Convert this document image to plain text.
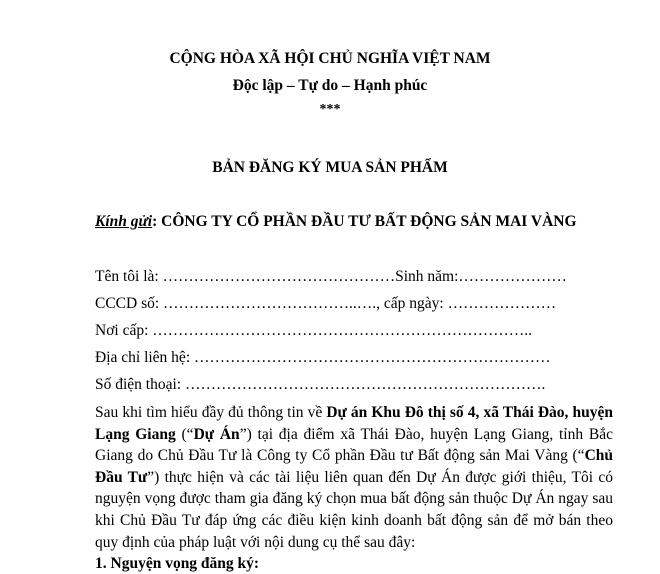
CỘNG HÒA XÃ HỘI CHỦ NGHĨA VIỆT NAM
Độc lập – Tự do – Hạnh phúc
***
BẢN ĐĂNG KÝ MUA SẢN PHẨM
Kính gửi: CÔNG TY CỔ PHẦN ĐẦU TƯ BẤT ĐỘNG SẢN MAI VÀNG
Tên tôi là: ………………………………………Sinh năm:…………………
CCCD số: ………………………………..…., cấp ngày: …………………
Nơi cấp: ………………………………………………………………..
Địa chỉ liên hệ: ……………………………………………………………
Số điện thoại: …………………………………………………………….
Sau khi tìm hiểu đầy đủ thông tin về Dự án Khu Đô thị số 4, xã Thái Đào, huyện Lạng Giang (“Dự Án”) tại địa điểm xã Thái Đào, huyện Lạng Giang, tỉnh Bắc Giang do Chủ Đầu Tư là Công ty Cổ phần Đầu tư Bất động sản Mai Vàng (“Chủ Đầu Tư”) thực hiện và các tài liệu liên quan đến Dự Án được giới thiệu, Tôi có nguyện vọng được tham gia đăng ký chọn mua bất động sản thuộc Dự Án ngay sau khi Chủ Đầu Tư đáp ứng các điều kiện kinh doanh bất động sản để mở bán theo quy định của pháp luật với nội dung cụ thể sau đây:
1. Nguyện vọng đăng ký:
